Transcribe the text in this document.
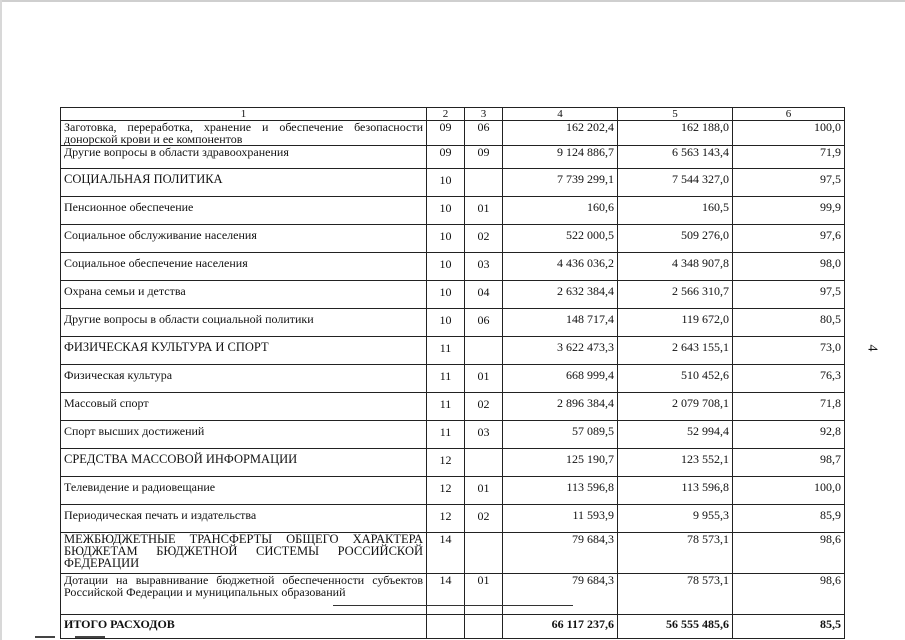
1	2	3	4	5	6
Заготовка, переработка, хранение и обеспечение безопасности донорской крови и ее компонентов	09	06	162 202,4	162 188,0	100,0
Другие вопросы в области здравоохранения	09	09	9 124 886,7	6 563 143,4	71,9
СОЦИАЛЬНАЯ ПОЛИТИКА	10		7 739 299,1	7 544 327,0	97,5
Пенсионное обеспечение	10	01	160,6	160,5	99,9
Социальное обслуживание населения	10	02	522 000,5	509 276,0	97,6
Социальное обеспечение населения	10	03	4 436 036,2	4 348 907,8	98,0
Охрана семьи и детства	10	04	2 632 384,4	2 566 310,7	97,5
Другие вопросы в области социальной политики	10	06	148 717,4	119 672,0	80,5
ФИЗИЧЕСКАЯ КУЛЬТУРА И СПОРТ	11		3 622 473,3	2 643 155,1	73,0
Физическая культура	11	01	668 999,4	510 452,6	76,3
Массовый спорт	11	02	2 896 384,4	2 079 708,1	71,8
Спорт высших достижений	11	03	57 089,5	52 994,4	92,8
СРЕДСТВА МАССОВОЙ ИНФОРМАЦИИ	12		125 190,7	123 552,1	98,7
Телевидение и радиовещание	12	01	113 596,8	113 596,8	100,0
Периодическая печать и издательства	12	02	11 593,9	9 955,3	85,9
МЕЖБЮДЖЕТНЫЕ ТРАНСФЕРТЫ ОБЩЕГО ХАРАКТЕРА БЮДЖЕТАМ БЮДЖЕТНОЙ СИСТЕМЫ РОССИЙСКОЙ ФЕДЕРАЦИИ	14		79 684,3	78 573,1	98,6
Дотации на выравнивание бюджетной обеспеченности субъектов Российской Федерации и муниципальных образований	14	01	79 684,3	78 573,1	98,6
ИТОГО РАСХОДОВ			66 117 237,6	56 555 485,6	85,5
4
